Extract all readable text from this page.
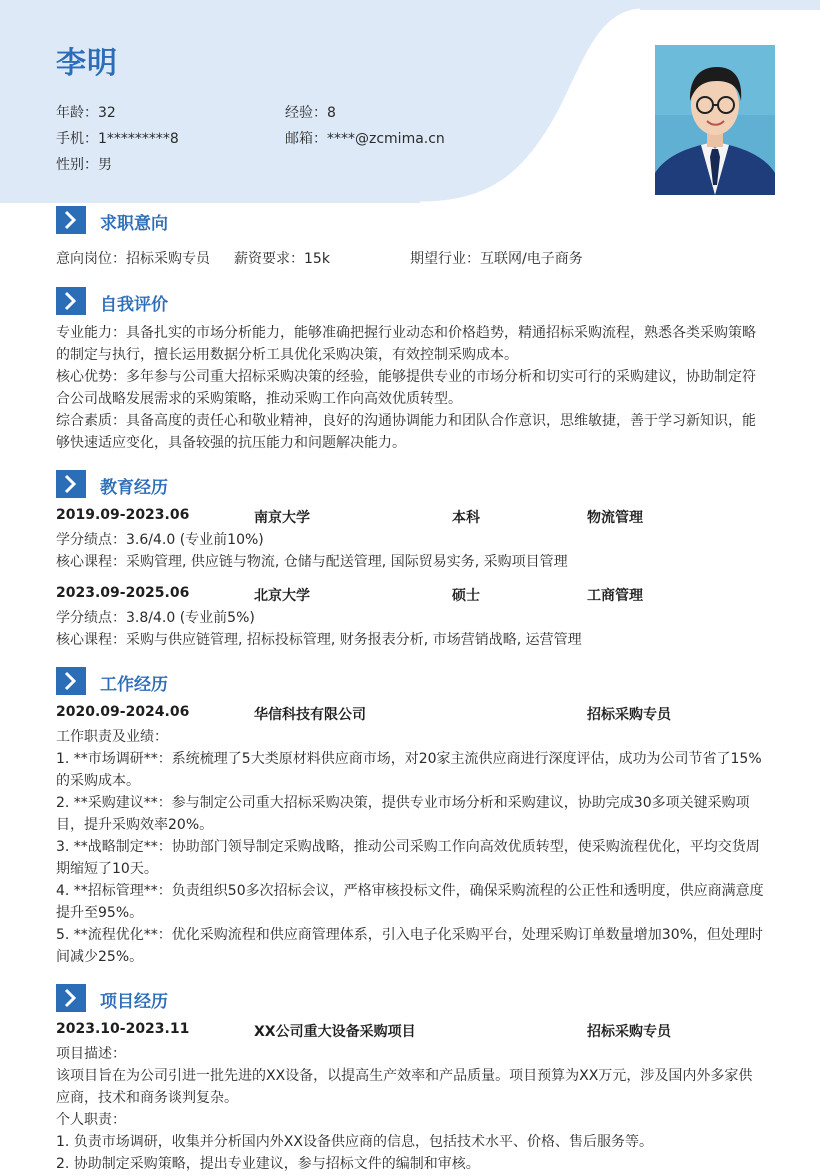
李明
年龄：32	经验：8
手机：1*********8	邮箱：****@zcmima.cn
性别：男
求职意向
意向岗位：招标采购专员 薪资要求：15k	期望行业：互联网/电子商务
自我评价
专业能力：具备扎实的市场分析能力，能够准确把握行业动态和价格趋势，精通招标采购流程，熟悉各类采购策略
的制定与执行，擅长运用数据分析工具优化采购决策，有效控制采购成本。
核心优势：多年参与公司重大招标采购决策的经验，能够提供专业的市场分析和切实可行的采购建议，协助制定符
合公司战略发展需求的采购策略，推动采购工作向高效优质转型。
综合素质：具备高度的责任心和敬业精神，良好的沟通协调能力和团队合作意识，思维敏捷，善于学习新知识，能
够快速适应变化，具备较强的抗压能力和问题解决能力。
教育经历
2019.09-2023.06	南京大学	本科	物流管理
学分绩点：3.6/4.0 (专业前10%)
核心课程：采购管理, 供应链与物流, 仓储与配送管理, 国际贸易实务, 采购项目管理
2023.09-2025.06	北京大学	硕士	工商管理
学分绩点：3.8/4.0 (专业前5%)
核心课程：采购与供应链管理, 招标投标管理, 财务报表分析, 市场营销战略, 运营管理
工作经历
2020.09-2024.06	华信科技有限公司	招标采购专员
工作职责及业绩：
1. **市场调研**：系统梳理了5大类原材料供应商市场，对20家主流供应商进行深度评估，成功为公司节省了15%
的采购成本。
2. **采购建议**：参与制定公司重大招标采购决策，提供专业市场分析和采购建议，协助完成30多项关键采购项
目，提升采购效率20%。
3. **战略制定**：协助部门领导制定采购战略，推动公司采购工作向高效优质转型，使采购流程优化，平均交货周
期缩短了10天。
4. **招标管理**：负责组织50多次招标会议，严格审核投标文件，确保采购流程的公正性和透明度，供应商满意度
提升至95%。
5. **流程优化**：优化采购流程和供应商管理体系，引入电子化采购平台，处理采购订单数量增加30%，但处理时
间减少25%。
项目经历
2023.10-2023.11	XX公司重大设备采购项目	招标采购专员
项目描述：
该项目旨在为公司引进一批先进的XX设备，以提高生产效率和产品质量。项目预算为XX万元，涉及国内外多家供
应商，技术和商务谈判复杂。
个人职责：
1. 负责市场调研，收集并分析国内外XX设备供应商的信息，包括技术水平、价格、售后服务等。
2. 协助制定采购策略，提出专业建议，参与招标文件的编制和审核。
